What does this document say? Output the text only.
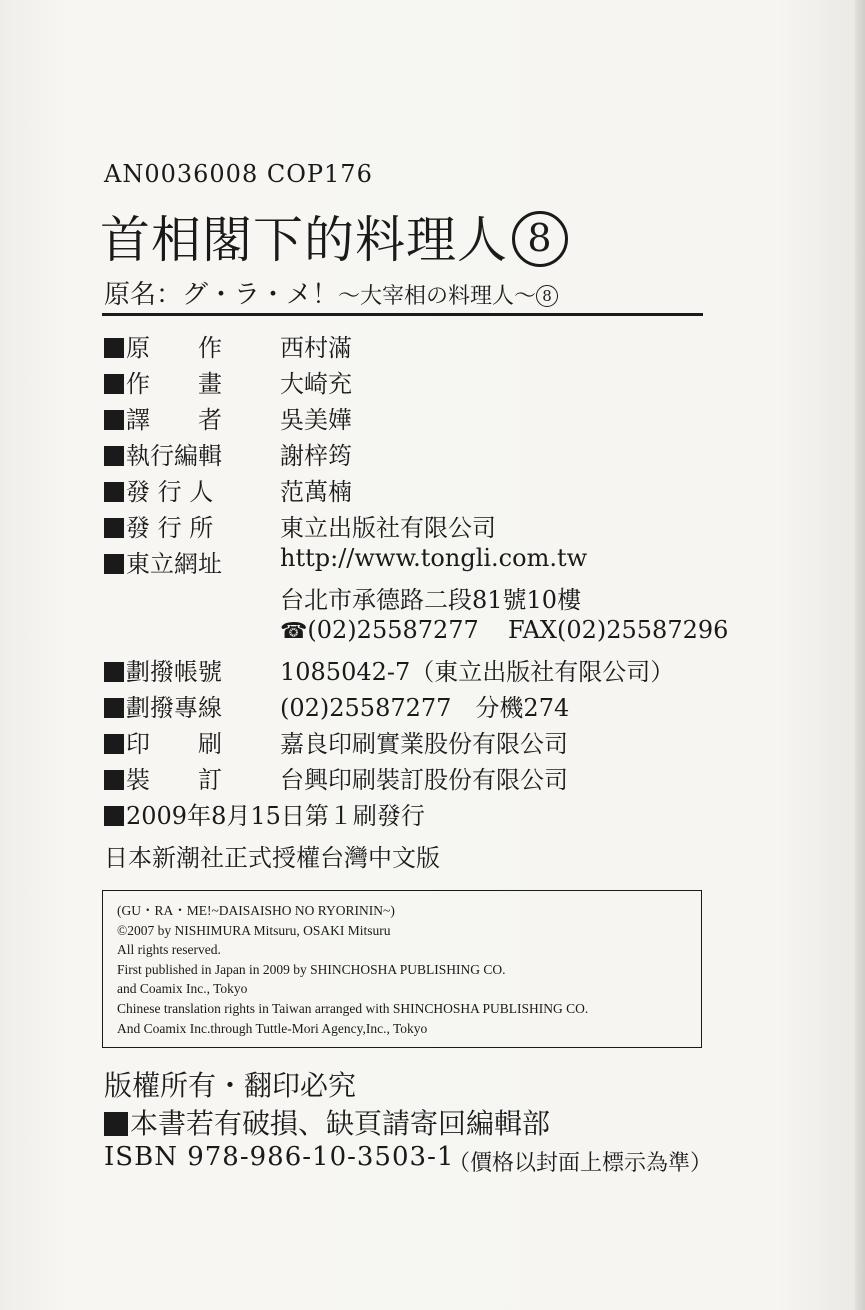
AN0036008 COP176
首相閣下的料理人 8
原名：グ・ラ・メ！～大宰相の料理人～ 8
原　　作	西村滿
作　　畫	大崎充
譯　　者	吳美嬅
執行編輯	謝梓筠
發 行 人	范萬楠
發 行 所	東立出版社有限公司
東立網址	http://www.tongli.com.tw
台北市承德路二段81號10樓
☎(02)25587277 FAX(02)25587296
劃撥帳號	1085042-7（東立出版社有限公司）
劃撥專線	(02)25587277　分機274
印　　刷	嘉良印刷實業股份有限公司
裝　　訂	台興印刷裝訂股份有限公司
2009年8月15日第１刷發行
日本新潮社正式授權台灣中文版
(GU・RA・ME!~DAISAISHO NO RYORININ~)
©2007 by NISHIMURA Mitsuru, OSAKI Mitsuru
All rights reserved.
First published in Japan in 2009 by SHINCHOSHA PUBLISHING CO.
and Coamix Inc., Tokyo
Chinese translation rights in Taiwan arranged with SHINCHOSHA PUBLISHING CO.
And Coamix Inc.through Tuttle-Mori Agency,Inc., Tokyo
版權所有・翻印必究
本書若有破損、缺頁請寄回編輯部
ISBN 978-986-10-3503-1
（價格以封面上標示為準）
